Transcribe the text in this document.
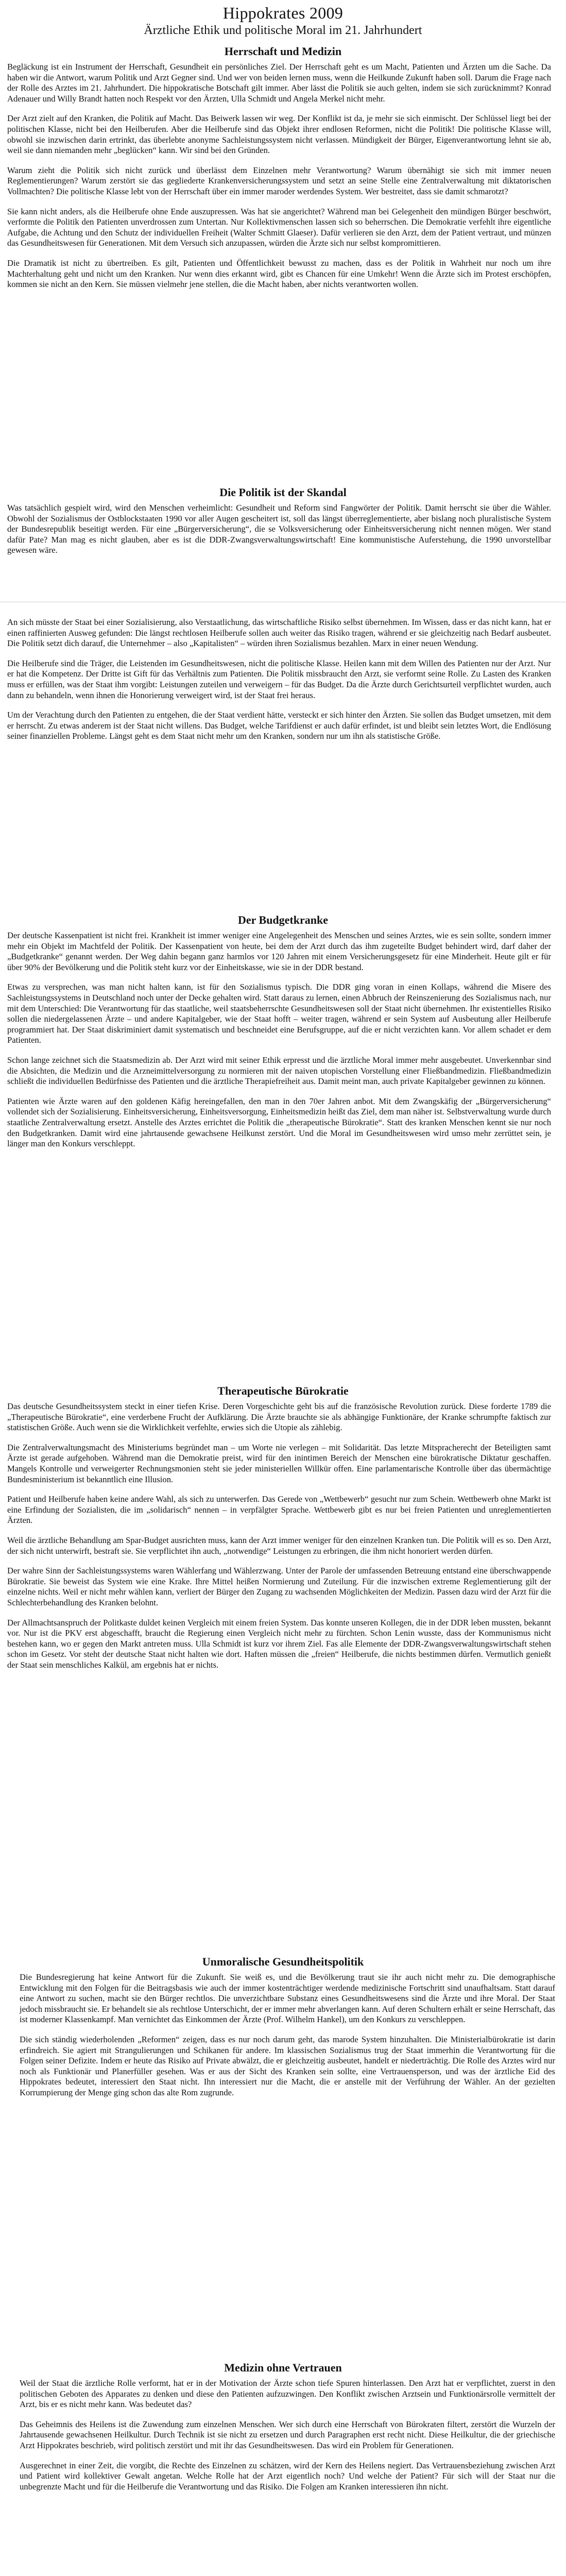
Hippokrates 2009
Ärztliche Ethik und politische Moral im 21. Jahrhundert
Herrschaft und Medizin

Begläckung ist ein Instrument der Herrschaft, Gesundheit ein persönliches Ziel. Der Herrschaft geht es um Macht, Patienten und Ärzten um die Sache. Da haben wir die Antwort, warum Politik und Arzt Gegner sind. Und wer von beiden lernen muss, wenn die Heilkunde Zukunft haben soll. Darum die Frage nach der Rolle des Arztes im 21. Jahrhundert. Die hippokratische Botschaft gilt immer. Aber lässt die Politik sie auch gelten, indem sie sich zurücknimmt? Konrad Adenauer und Willy Brandt hatten noch Respekt vor den Ärzten, Ulla Schmidt und Angela Merkel nicht mehr.

Der Arzt zielt auf den Kranken, die Politik auf Macht. Das Beiwerk lassen wir weg. Der Konflikt ist da, je mehr sie sich einmischt. Der Schlüssel liegt bei der politischen Klasse, nicht bei den Heilberufen. Aber die Heilberufe sind das Objekt ihrer endlosen Reformen, nicht die Politik! Die politische Klasse will, obwohl sie inzwischen darin ertrinkt, das überlebte anonyme Sachleistungssystem nicht verlassen. Mündigkeit der Bürger, Eigenverantwortung lehnt sie ab, weil sie dann niemanden mehr „beglücken“ kann. Wir sind bei den Gründen.

Warum zieht die Politik sich nicht zurück und überlässt dem Einzelnen mehr Verantwortung? Warum übernähigt sie sich mit immer neuen Reglementierungen? Warum zerstört sie das gegliederte Krankenversicherungssystem und setzt an seine Stelle eine Zentralverwaltung mit diktatorischen Vollmachten? Die politische Klasse lebt von der Herrschaft über ein immer maroder werdendes System. Wer bestreitet, dass sie damit schmarotzt?

Sie kann nicht anders, als die Heilberufe ohne Ende auszupressen. Was hat sie angerichtet? Während man bei Gelegenheit den mündigen Bürger beschwört, verformte die Politik den Patienten unverdrossen zum Untertan. Nur Kollektivmenschen lassen sich so beherrschen. Die Demokratie verfehlt ihre eigentliche Aufgabe, die Achtung und den Schutz der individuellen Freiheit (Walter Schmitt Glaeser). Dafür verlieren sie den Arzt, dem der Patient vertraut, und münzen das Gesundheitswesen für Generationen. Mit dem Versuch sich anzupassen, würden die Ärzte sich nur selbst kompromittieren.

Die Dramatik ist nicht zu übertreiben. Es gilt, Patienten und Öffentlichkeit bewusst zu machen, dass es der Politik in Wahrheit nur noch um ihre Machterhaltung geht und nicht um den Kranken. Nur wenn dies erkannt wird, gibt es Chancen für eine Umkehr! Wenn die Ärzte sich im Protest erschöpfen, kommen sie nicht an den Kern. Sie müssen vielmehr jene stellen, die die Macht haben, aber nichts verantworten wollen.

Die Politik ist der Skandal

Was tatsächlich gespielt wird, wird den Menschen verheimlicht: Gesundheit und Reform sind Fangwörter der Politik. Damit herrscht sie über die Wähler. Obwohl der Sozialismus der Ostblockstaaten 1990 vor aller Augen gescheitert ist, soll das längst überreglementierte, aber bislang noch pluralistische System der Bundesrepublik beseitigt werden. Für eine „Bürgerversicherung“, die se Volksversicherung oder Einheitsversicherung nicht nennen mögen. Wer stand dafür Pate? Man mag es nicht glauben, aber es ist die DDR-Zwangsverwaltungswirtschaft! Eine kommunistische Auferstehung, die 1990 unvorstellbar gewesen wäre.

An sich müsste der Staat bei einer Sozialisierung, also Verstaatlichung, das wirtschaftliche Risiko selbst übernehmen. Im Wissen, dass er das nicht kann, hat er einen raffinierten Ausweg gefunden: Die längst rechtlosen Heilberufe sollen auch weiter das Risiko tragen, während er sie gleichzeitig nach Bedarf ausbeutet. Die Politik setzt dich darauf, die Unternehmer – also „Kapitalisten“ – würden ihren Sozialismus bezahlen. Marx in einer neuen Wendung.

Die Heilberufe sind die Träger, die Leistenden im Gesundheitswesen, nicht die politische Klasse. Heilen kann mit dem Willen des Patienten nur der Arzt. Nur er hat die Kompetenz. Der Dritte ist Gift für das Verhältnis zum Patienten. Die Politik missbraucht den Arzt, sie verformt seine Rolle. Zu Lasten des Kranken muss er erfüllen, was der Staat ihm vorgibt: Leistungen zuteilen und verweigern – für das Budget. Da die Ärzte durch Gerichtsurteil verpflichtet wurden, auch dann zu behandeln, wenn ihnen die Honorierung verweigert wird, ist der Staat frei heraus.

Um der Verachtung durch den Patienten zu entgehen, die der Staat verdient hätte, versteckt er sich hinter den Ärzten. Sie sollen das Budget umsetzen, mit dem er herrscht. Zu etwas anderem ist der Staat nicht willens. Das Budget, welche Tarifdienst er auch dafür erfindet, ist und bleibt sein letztes Wort, die Endlösung seiner finanziellen Probleme. Längst geht es dem Staat nicht mehr um den Kranken, sondern nur um ihn als statistische Größe.

Der Budgetkranke

Der deutsche Kassenpatient ist nicht frei. Krankheit ist immer weniger eine Angelegenheit des Menschen und seines Arztes, wie es sein sollte, sondern immer mehr ein Objekt im Machtfeld der Politik. Der Kassenpatient von heute, bei dem der Arzt durch das ihm zugeteilte Budget behindert wird, darf daher der „Budgetkranke“ genannt werden. Der Weg dahin begann ganz harmlos vor 120 Jahren mit einem Versicherungsgesetz für eine Minderheit. Heute gilt er für über 90% der Bevölkerung und die Politik steht kurz vor der Einheitskasse, wie sie in der DDR bestand.

Etwas zu versprechen, was man nicht halten kann, ist für den Sozialismus typisch. Die DDR ging voran in einen Kollaps, während die Misere des Sachleistungssystems in Deutschland noch unter der Decke gehalten wird. Statt daraus zu lernen, einen Abbruch der Reinszenierung des Sozialismus nach, nur mit dem Unterschied: Die Verantwortung für das staatliche, weil staatsbeherrschte Gesundheitswesen soll der Staat nicht übernehmen. Ihr existentielles Risiko sollen die niedergelassenen Ärzte – und andere Kapitalgeber, wie der Staat hofft – weiter tragen, während er sein System auf Ausbeutung aller Heilberufe programmiert hat. Der Staat diskriminiert damit systematisch und beschneidet eine Berufsgruppe, auf die er nicht verzichten kann. Vor allem schadet er dem Patienten.

Schon lange zeichnet sich die Staatsmedizin ab. Der Arzt wird mit seiner Ethik erpresst und die ärztliche Moral immer mehr ausgebeutet. Unverkennbar sind die Absichten, die Medizin und die Arzneimittelversorgung zu normieren mit der naiven utopischen Vorstellung einer Fließbandmedizin. Fließbandmedizin schließt die individuellen Bedürfnisse des Patienten und die ärztliche Therapiefreiheit aus. Damit meint man, auch private Kapitalgeber gewinnen zu können.

Patienten wie Ärzte waren auf den goldenen Käfig hereingefallen, den man in den 70er Jahren anbot. Mit dem Zwangskäfig der „Bürgerversicherung“ vollendet sich der Sozialisierung. Einheitsversicherung, Einheitsversorgung, Einheitsmedizin heißt das Ziel, dem man näher ist. Selbstverwaltung wurde durch staatliche Zentralverwaltung ersetzt. Anstelle des Arztes errichtet die Politik die „therapeutische Bürokratie“. Statt des kranken Menschen kennt sie nur noch den Budgetkranken. Damit wird eine jahrtausende gewachsene Heilkunst zerstört. Und die Moral im Gesundheitswesen wird umso mehr zerrüttet sein, je länger man den Konkurs verschleppt.

Therapeutische Bürokratie

Das deutsche Gesundheitssystem steckt in einer tiefen Krise. Deren Vorgeschichte geht bis auf die französische Revolution zurück. Diese forderte 1789 die „Therapeutische Bürokratie“, eine verderbene Frucht der Aufklärung. Die Ärzte brauchte sie als abhängige Funktionäre, der Kranke schrumpfte faktisch zur statistischen Größe. Auch wenn sie die Wirklichkeit verfehlte, erwies sich die Utopie als zählebig.

Die Zentralverwaltungsmacht des Ministeriums begründet man – um Worte nie verlegen – mit Solidarität. Das letzte Mitspracherecht der Beteiligten samt Ärzte ist gerade aufgehoben. Während man die Demokratie preist, wird für den inintimen Bereich der Menschen eine bürokratische Diktatur geschaffen. Mangels Kontrolle und verweigerter Rechnungsmonien steht sie jeder ministeriellen Willkür offen. Eine parlamentarische Kontrolle über das übermächtige Bundesministerium ist bekanntlich eine Illusion.

Patient und Heilberufe haben keine andere Wahl, als sich zu unterwerfen. Das Gerede von „Wettbewerb“ gesucht nur zum Schein. Wettbewerb ohne Markt ist eine Erfindung der Sozialisten, die im „solidarisch“ nennen – in verpfälgter Sprache. Wettbewerb gibt es nur bei freien Patienten und unreglementierten Ärzten.

Weil die ärztliche Behandlung am Spar-Budget ausrichten muss, kann der Arzt immer weniger für den einzelnen Kranken tun. Die Politik will es so. Den Arzt, der sich nicht unterwirft, bestraft sie. Sie verpflichtet ihn auch, „notwendige“ Leistungen zu erbringen, die ihm nicht honoriert werden dürfen.

Der wahre Sinn der Sachleistungssystems waren Wählerfang und Wählerzwang. Unter der Parole der umfassenden Betreuung entstand eine überschwappende Bürokratie. Sie beweist das System wie eine Krake. Ihre Mittel heißen Normierung und Zuteilung. Für die inzwischen extreme Reglementierung gilt der einzelne nichts. Weil er nicht mehr wählen kann, verliert der Bürger den Zugang zu wachsenden Möglichkeiten der Medizin. Passen dazu wird der Arzt für die Schlechterbehandlung des Kranken belohnt.

Der Allmachtsanspruch der Politkaste duldet keinen Vergleich mit einem freien System. Das konnte unseren Kollegen, die in der DDR leben mussten, bekannt vor. Nur ist die PKV erst abgeschafft, braucht die Regierung einen Vergleich nicht mehr zu fürchten. Schon Lenin wusste, dass der Kommunismus nicht bestehen kann, wo er gegen den Markt antreten muss. Ulla Schmidt ist kurz vor ihrem Ziel. Fas alle Elemente der DDR-Zwangsverwaltungswirtschaft stehen schon im Gesetz. Vor steht der deutsche Staat nicht halten wie dort. Haften müssen die „freien“ Heilberufe, die nichts bestimmen dürfen. Vermutlich genießt der Staat sein menschliches Kalkül, am ergebnis hat er nichts.

Unmoralische Gesundheitspolitik

Die Bundesregierung hat keine Antwort für die Zukunft. Sie weiß es, und die Bevölkerung traut sie ihr auch nicht mehr zu. Die demographische Entwicklung mit den Folgen für die Beitragsbasis wie auch der immer kostenträchtiger werdende medizinische Fortschritt sind unaufhaltsam. Statt darauf eine Antwort zu suchen, macht sie den Bürger rechtlos. Die unverzichtbare Substanz eines Gesundheitswesens sind die Ärzte und ihre Moral. Der Staat jedoch missbraucht sie. Er behandelt sie als rechtlose Unterschicht, der er immer mehr abverlangen kann. Auf deren Schultern erhält er seine Herrschaft, das ist moderner Klassenkampf. Man vernichtet das Einkommen der Ärzte (Prof. Wilhelm Hankel), um den Konkurs zu verschleppen.

Die sich ständig wiederholenden „Reformen“ zeigen, dass es nur noch darum geht, das marode System hinzuhalten. Die Ministerialbürokratie ist darin erfindreich. Sie agiert mit Strangulierungen und Schikanen für andere. Im klassischen Sozialismus trug der Staat immerhin die Verantwortung für die Folgen seiner Defizite. Indem er heute das Risiko auf Private abwälzt, die er gleichzeitig ausbeutet, handelt er niederträchtig. Die Rolle des Arztes wird nur noch als Funktionär und Planerfüller gesehen. Was er aus der Sicht des Kranken sein sollte, eine Vertrauensperson, und was der ärztliche Eid des Hippokrates bedeutet, interessiert den Staat nicht. Ihn interessiert nur die Macht, die er anstelle mit der Verführung der Wähler. An der gezielten Korrumpierung der Menge ging schon das alte Rom zugrunde.

Medizin ohne Vertrauen

Weil der Staat die ärztliche Rolle verformt, hat er in der Motivation der Ärzte schon tiefe Spuren hinterlassen. Den Arzt hat er verpflichtet, zuerst in den politischen Geboten des Apparates zu denken und diese den Patienten aufzuzwingen. Den Konflikt zwischen Arztsein und Funktionärsrolle vermittelt der Arzt, bis er es nicht mehr kann. Was bedeutet das?

Das Geheimnis des Heilens ist die Zuwendung zum einzelnen Menschen. Wer sich durch eine Herrschaft von Bürokraten filtert, zerstört die Wurzeln der Jahrtausende gewachsenen Heilkultur. Durch Technik ist sie nicht zu ersetzen und durch Paragraphen erst recht nicht. Diese Heilkultur, die der griechische Arzt Hippokrates beschrieb, wird politisch zerstört und mit ihr das Gesundheitswesen. Das wird ein Problem für Generationen.

Ausgerechnet in einer Zeit, die vorgibt, die Rechte des Einzelnen zu schätzen, wird der Kern des Heilens negiert. Das Vertrauensbeziehung zwischen Arzt und Patient wird kollektiver Gewalt angetan. Welche Rolle hat der Arzt eigentlich noch? Und welche der Patient? Für sich will der Staat nur die unbegrenzte Macht und für die Heilberufe die Verantwortung und das Risiko. Die Folgen am Kranken interessieren ihn nicht.
